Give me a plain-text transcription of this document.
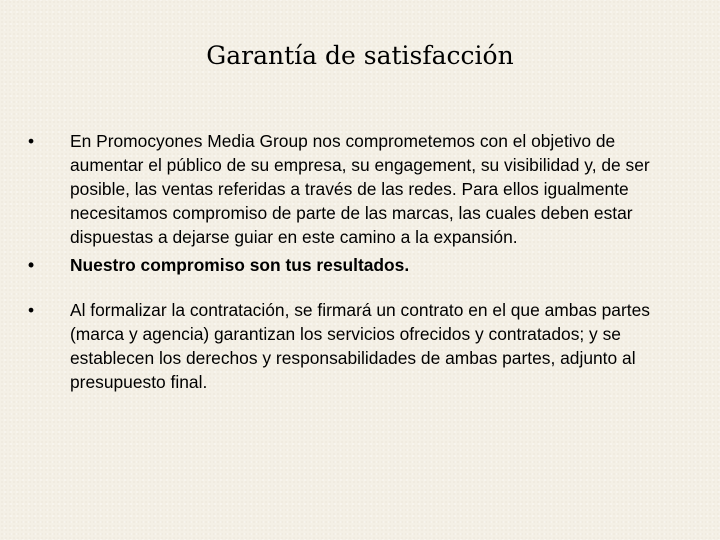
Garantía de satisfacción
•	En Promocyones Media Group nos comprometemos con el objetivo de aumentar el público de su empresa, su engagement, su visibilidad y, de ser posible, las ventas referidas a través de las redes. Para ellos igualmente necesitamos compromiso de parte de las marcas, las cuales deben estar dispuestas a dejarse guiar en este camino a la expansión.
•	Nuestro compromiso son tus resultados.
•	Al formalizar la contratación, se firmará un contrato en el que ambas partes (marca y agencia) garantizan los servicios ofrecidos y contratados; y se establecen los derechos y responsabilidades de ambas partes, adjunto al presupuesto final.
